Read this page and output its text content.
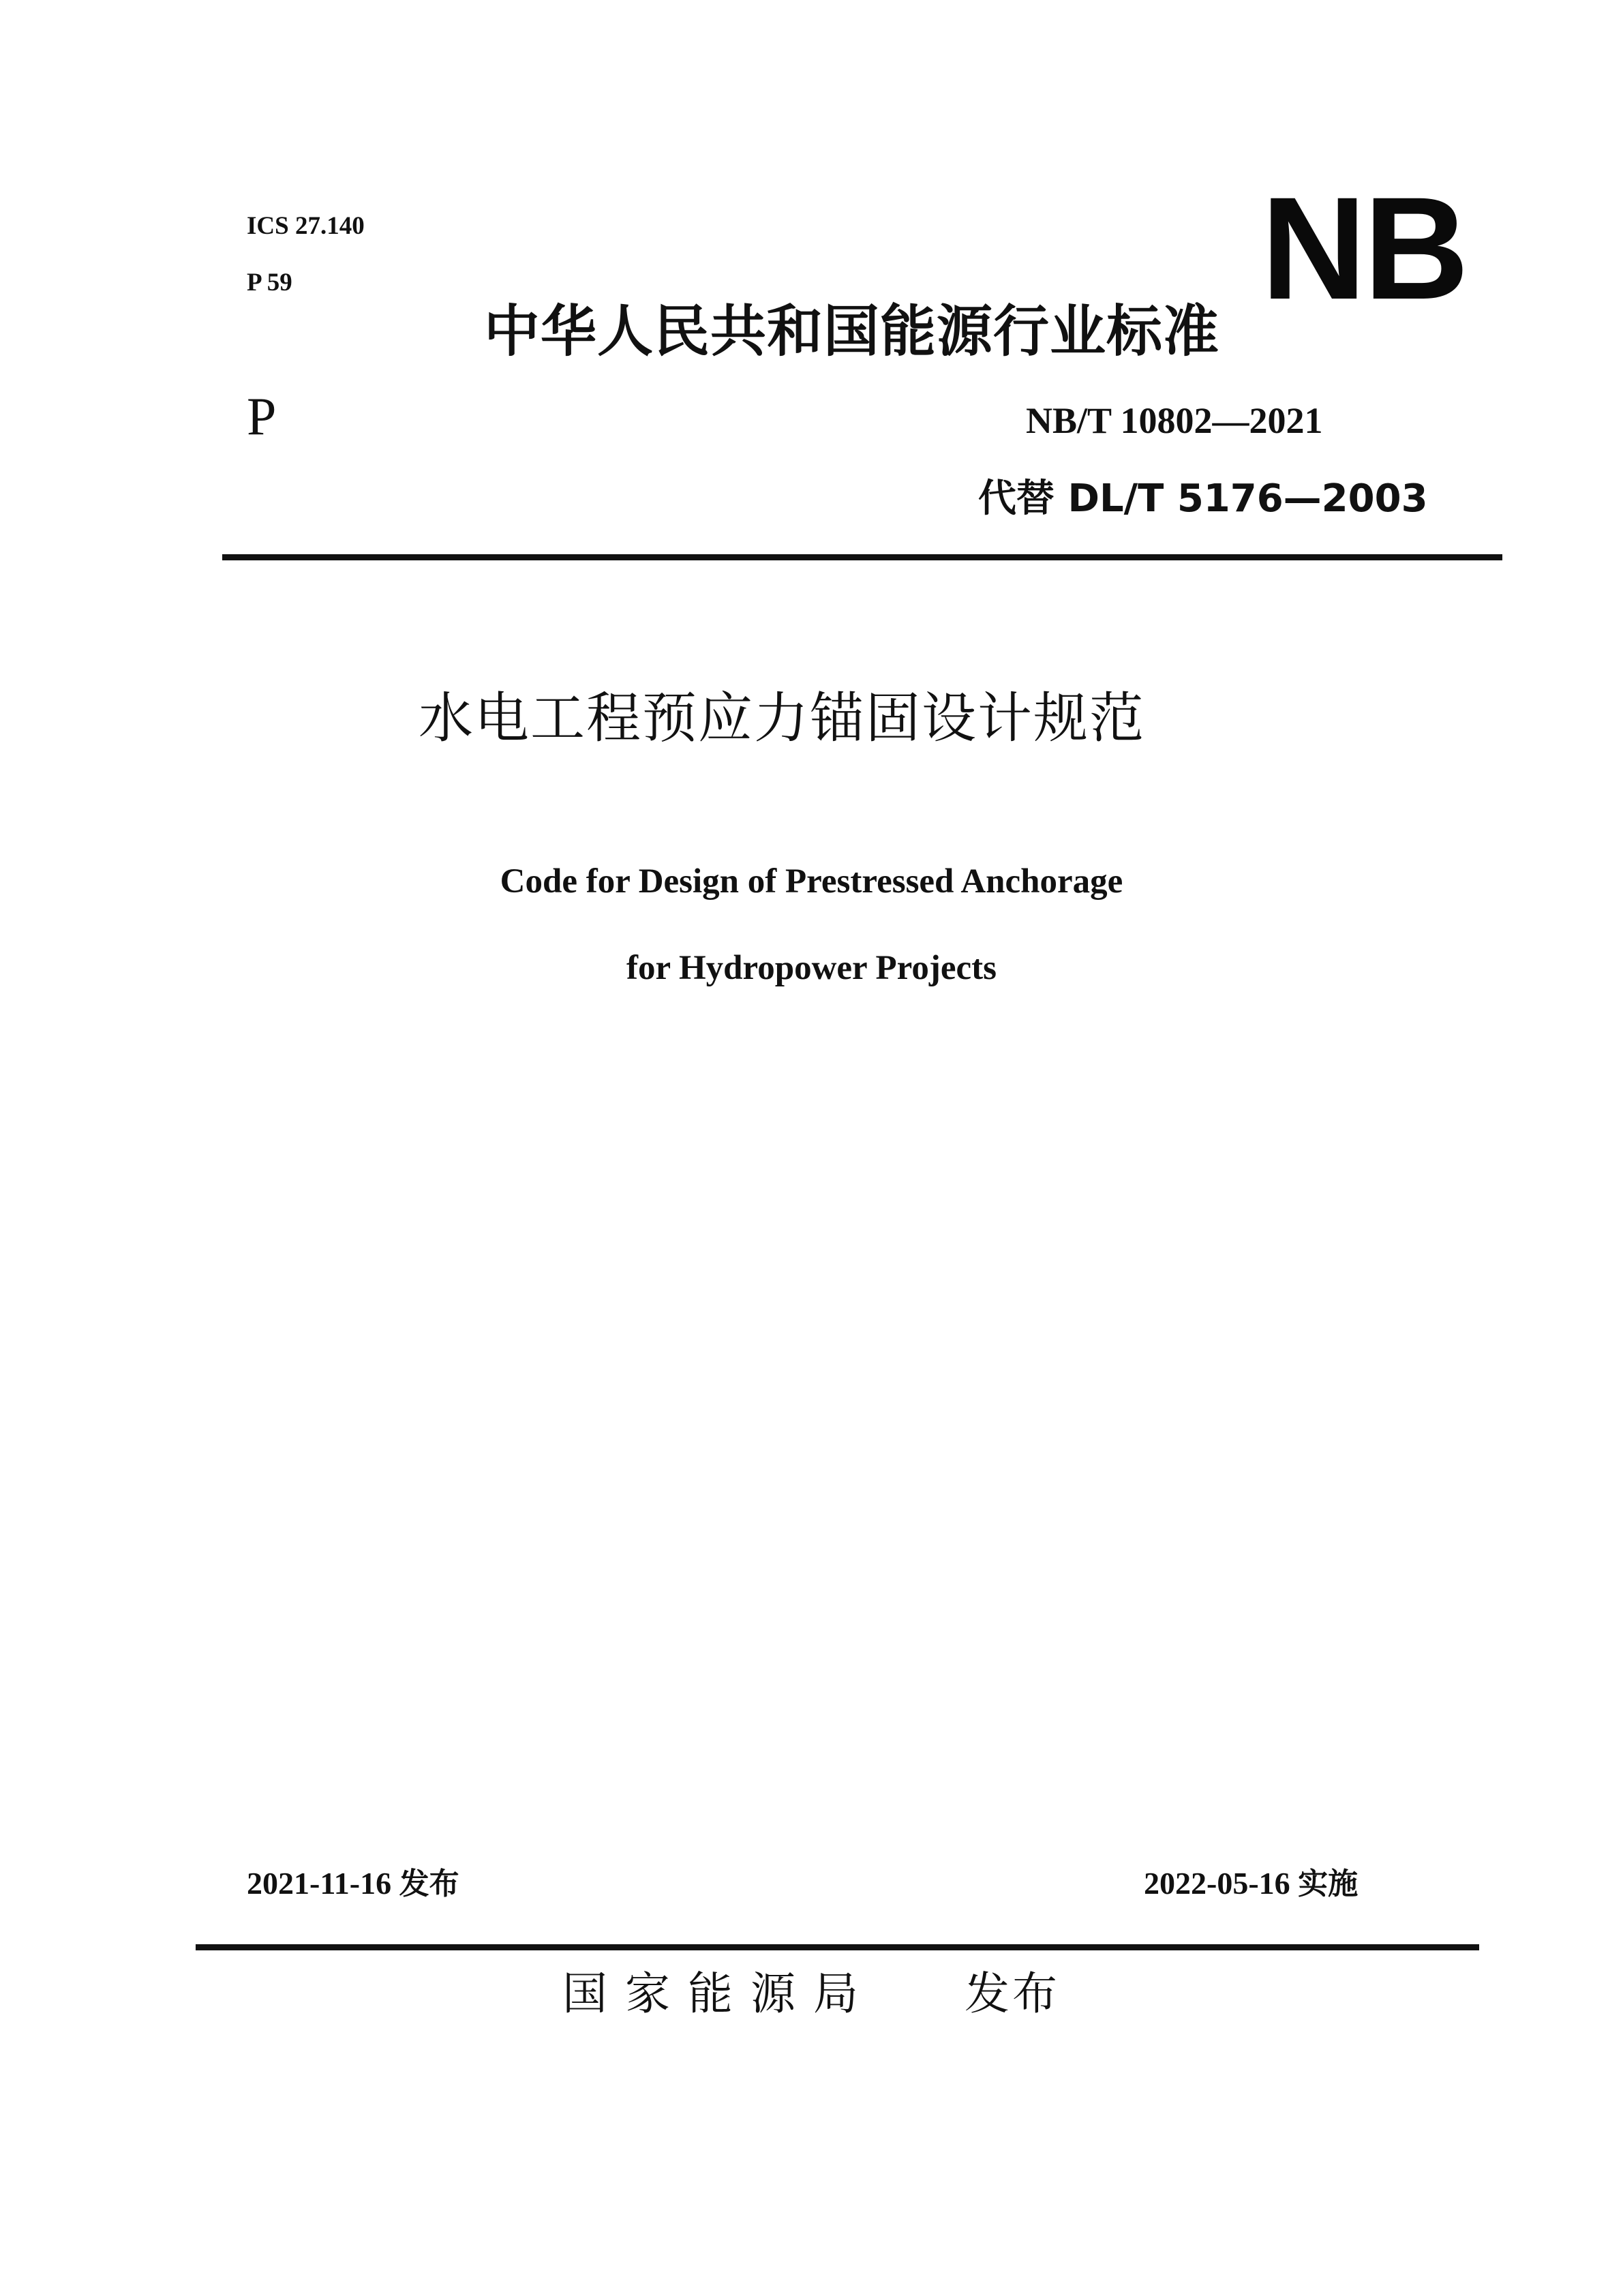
ICS 27.140
P 59	NB
中华人民共和国能源行业标准
P	NB/T 10802—2021
代替 DL/T 5176—2003
水电工程预应力锚固设计规范
Code for Design of Prestressed Anchorage
for Hydropower Projects
2021-11-16 发布	2022-05-16 实施
国家能源局 发布
